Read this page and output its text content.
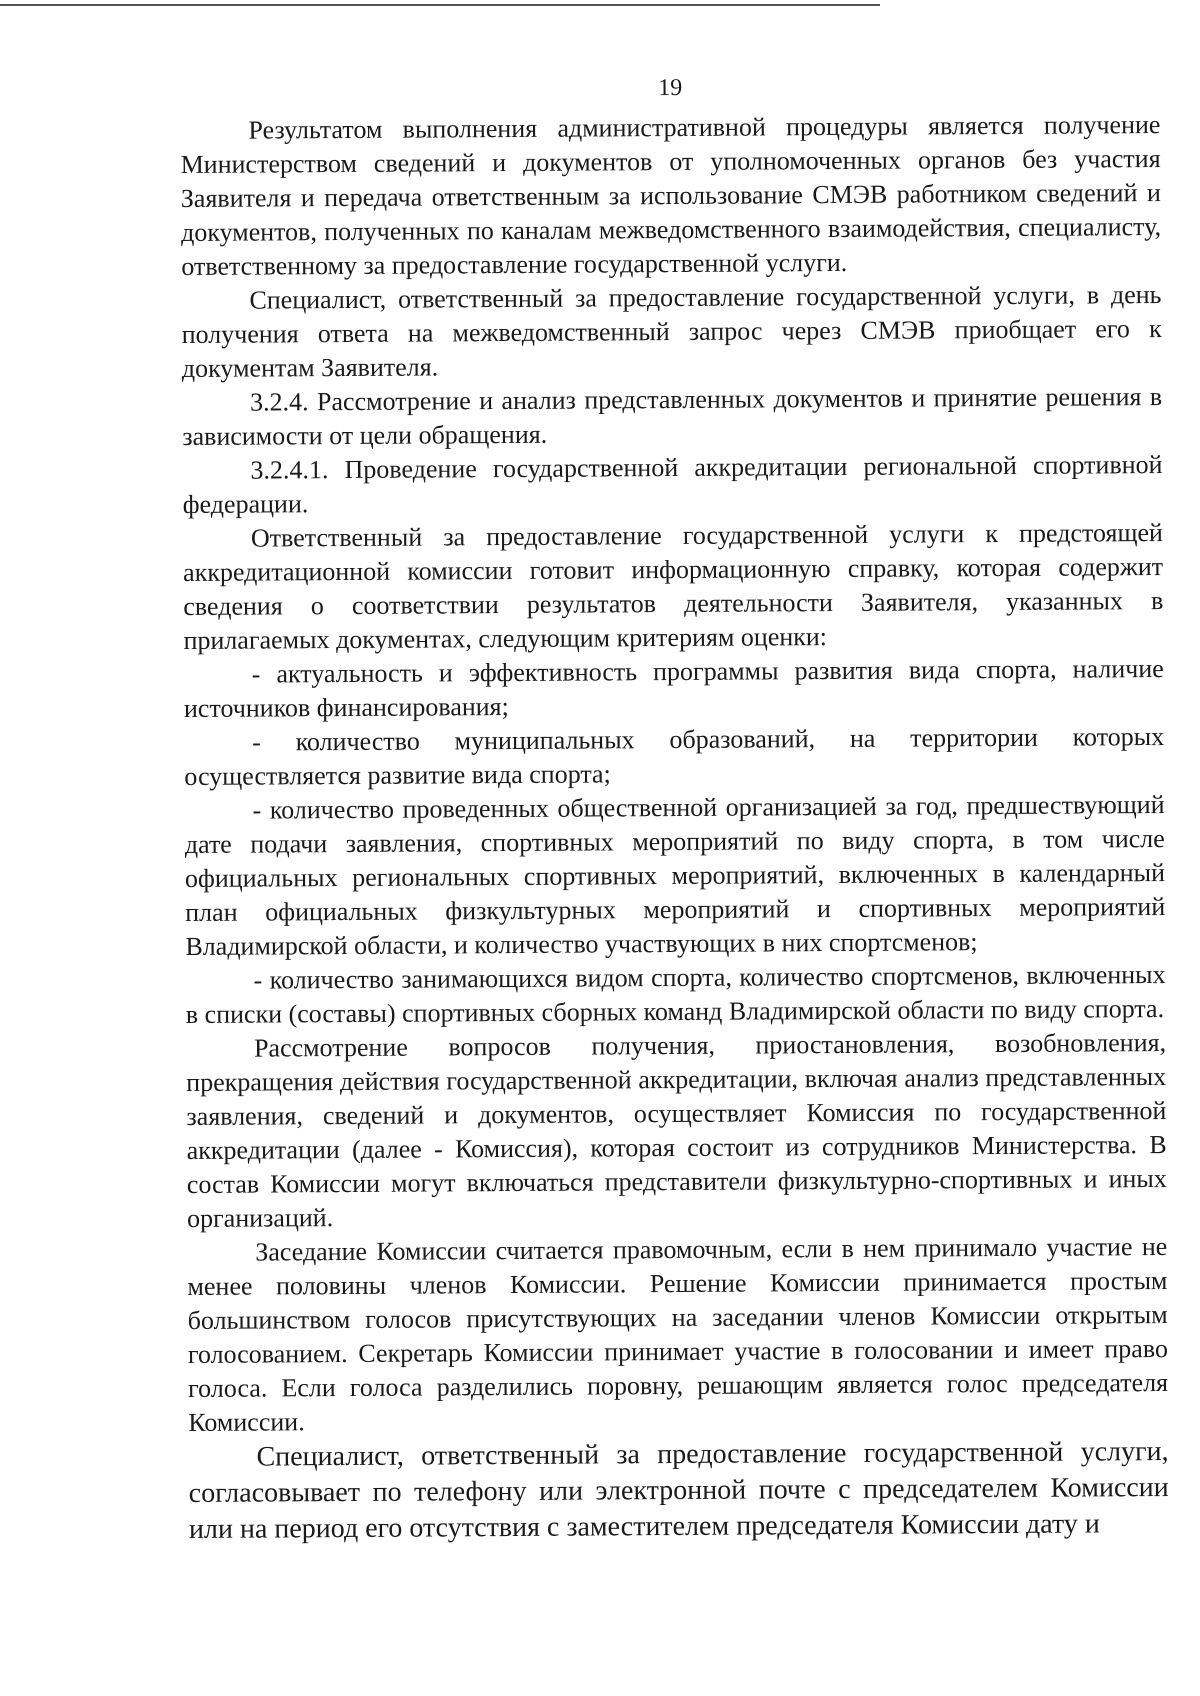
19

Результатом выполнения административной процедуры является получение Министерством сведений и документов от уполномоченных органов без участия Заявителя и передача ответственным за использование СМЭВ работником сведений и документов, полученных по каналам межведомственного взаимодействия, специалисту, ответственному за предоставление государственной услуги.

Специалист, ответственный за предоставление государственной услуги, в день получения ответа на межведомственный запрос через СМЭВ приобщает его к документам Заявителя.

3.2.4. Рассмотрение и анализ представленных документов и принятие решения в зависимости от цели обращения.

3.2.4.1. Проведение государственной аккредитации региональной спортивной федерации.

Ответственный за предоставление государственной услуги к предстоящей аккредитационной комиссии готовит информационную справку, которая содержит сведения о соответствии результатов деятельности Заявителя, указанных в прилагаемых документах, следующим критериям оценки:

- актуальность и эффективность программы развития вида спорта, наличие источников финансирования;

- количество муниципальных образований, на территории которых осуществляется развитие вида спорта;

- количество проведенных общественной организацией за год, предшествующий дате подачи заявления, спортивных мероприятий по виду спорта, в том числе официальных региональных спортивных мероприятий, включенных в календарный план официальных физкультурных мероприятий и спортивных мероприятий Владимирской области, и количество участвующих в них спортсменов;

- количество занимающихся видом спорта, количество спортсменов, включенных в списки (составы) спортивных сборных команд Владимирской области по виду спорта.

Рассмотрение вопросов получения, приостановления, возобновления, прекращения действия государственной аккредитации, включая анализ представленных заявления, сведений и документов, осуществляет Комиссия по государственной аккредитации (далее - Комиссия), которая состоит из сотрудников Министерства. В состав Комиссии могут включаться представители физкультурно-спортивных и иных организаций.

Заседание Комиссии считается правомочным, если в нем принимало участие не менее половины членов Комиссии. Решение Комиссии принимается простым большинством голосов присутствующих на заседании членов Комиссии открытым голосованием. Секретарь Комиссии принимает участие в голосовании и имеет право голоса. Если голоса разделились поровну, решающим является голос председателя Комиссии.

Специалист, ответственный за предоставление государственной услуги, согласовывает по телефону или электронной почте с председателем Комиссии или на период его отсутствия с заместителем председателя Комиссии дату и
